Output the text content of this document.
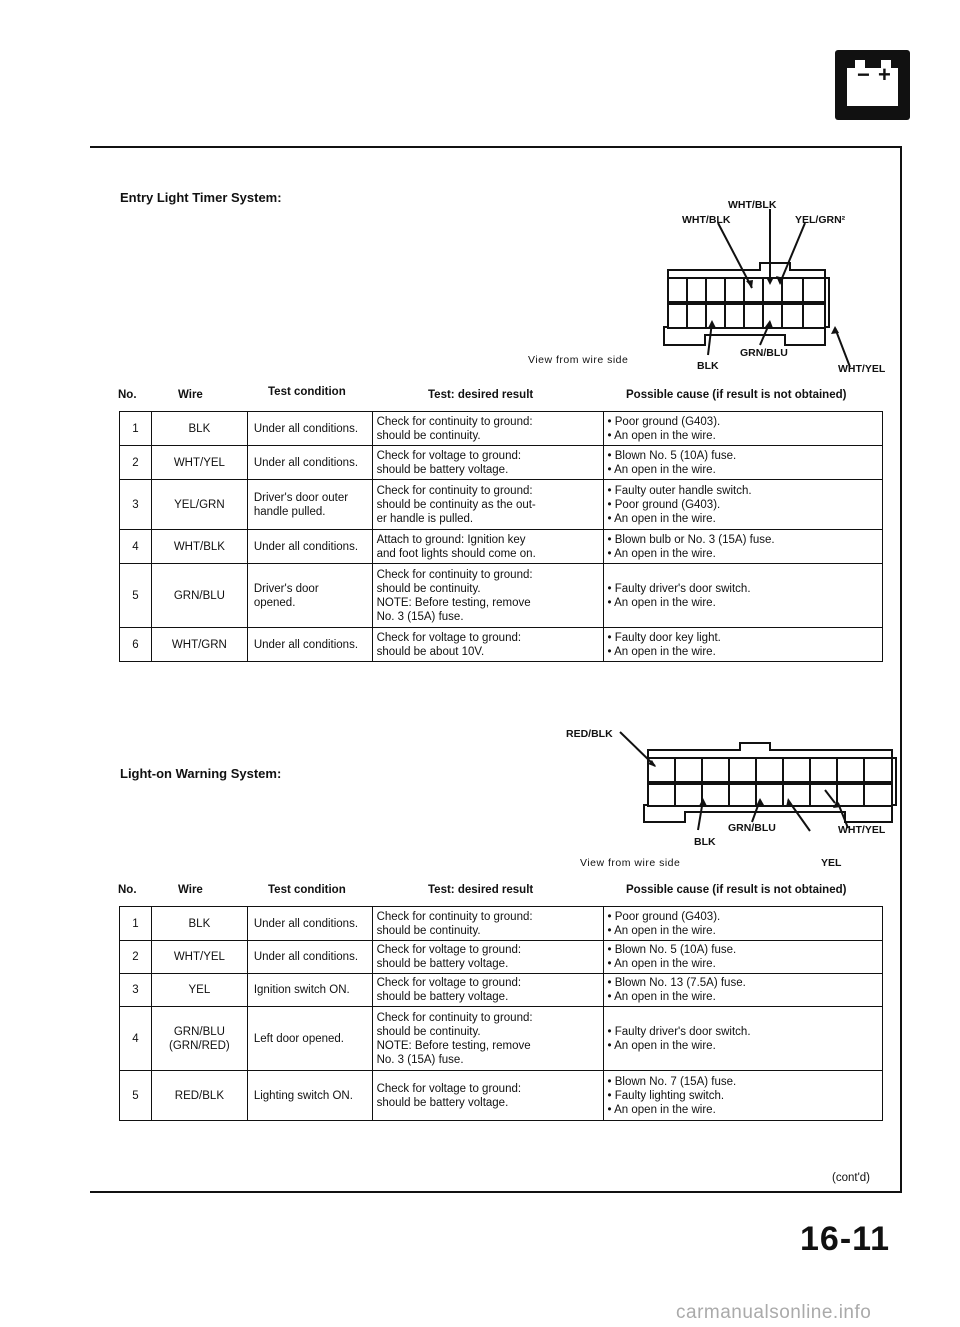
− +
Entry Light Timer System:	WHT/BLK
WHT/BLK	YEL/GRN²
BLK
GRN/BLU
WHT/YEL
View from wire side
No.	Wire	Test condition	Test: desired result	Possible cause (if result is not obtained)
1	BLK	Under all conditions.	Check for continuity to ground:
should be continuity.	• Poor ground (G403).
• An open in the wire.

2	WHT/YEL	Under all conditions.	Check for voltage to ground:
should be battery voltage.	• Blown No. 5 (10A) fuse.
• An open in the wire.

3	YEL/GRN	Driver's door outer
handle pulled.	Check for continuity to ground:
should be continuity as the out-
er handle is pulled.	• Faulty outer handle switch.
• Poor ground (G403).
• An open in the wire.

4	WHT/BLK	Under all conditions.	Attach to ground: Ignition key
and foot lights should come on.	• Blown bulb or No. 3 (15A) fuse.
• An open in the wire.

5	GRN/BLU	Driver's door
opened.	Check for continuity to ground:
should be continuity.
NOTE: Before testing, remove
No. 3 (15A) fuse.	• Faulty driver's door switch.
• An open in the wire.

6	WHT/GRN	Under all conditions.	Check for voltage to ground:
should be about 10V.	• Faulty door key light.
• An open in the wire.
Light-on Warning System:
RED/BLK
BLK
GRN/BLU	WHT/YEL
YEL
View from wire side
No.	Wire	Test condition	Test: desired result	Possible cause (if result is not obtained)
1	BLK	Under all conditions.	Check for continuity to ground:
should be continuity.	• Poor ground (G403).
• An open in the wire.

2	WHT/YEL	Under all conditions.	Check for voltage to ground:
should be battery voltage.	• Blown No. 5 (10A) fuse.
• An open in the wire.

3	YEL	Ignition switch ON.	Check for voltage to ground:
should be battery voltage.	• Blown No. 13 (7.5A) fuse.
• An open in the wire.

4	GRN/BLU
(GRN/RED)	Left door opened.	Check for continuity to ground:
should be continuity.
NOTE: Before testing, remove
No. 3 (15A) fuse.	• Faulty driver's door switch.
• An open in the wire.

5	RED/BLK	Lighting switch ON.	Check for voltage to ground:
should be battery voltage.	• Blown No. 7 (15A) fuse.
• Faulty lighting switch.
• An open in the wire.
(cont'd)
16-11
carmanualsonline.info
